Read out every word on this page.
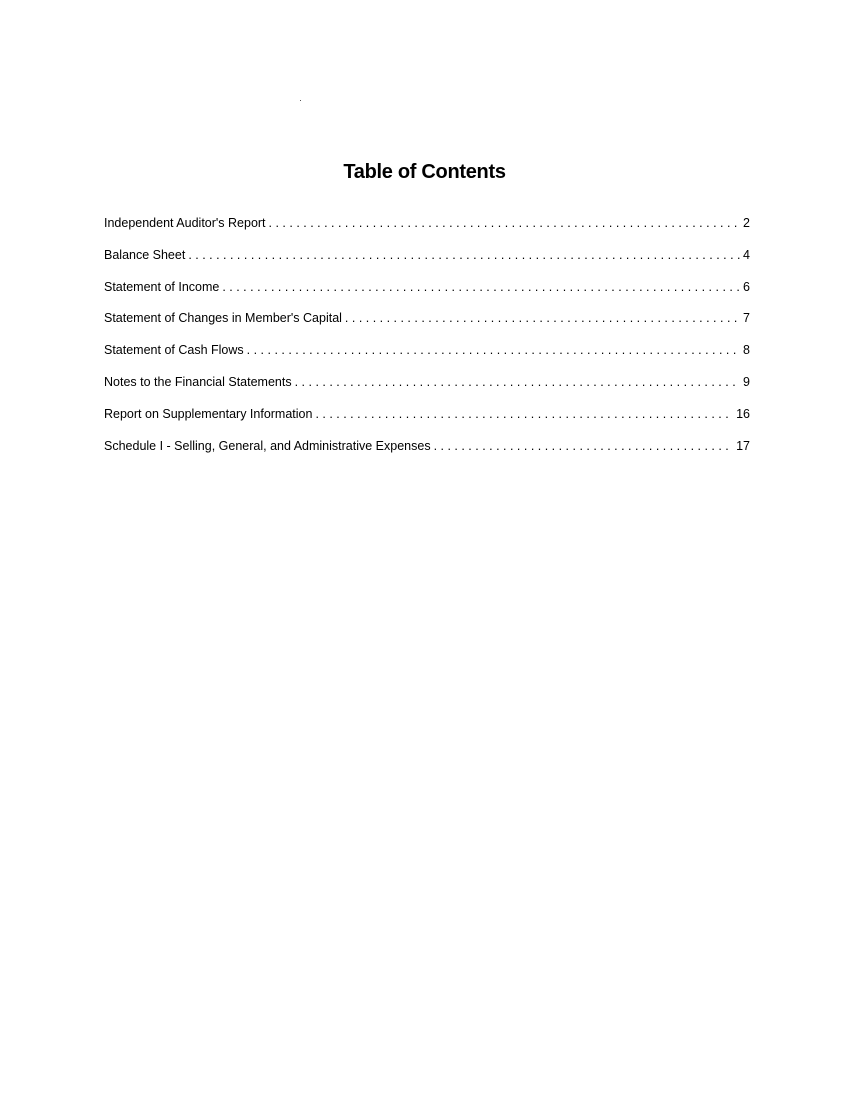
Table of Contents
Independent Auditor's Report . . .	2
Balance Sheet . . .	4
Statement of Income . . .	6
Statement of Changes in Member's Capital . . .	7
Statement of Cash Flows . . .	8
Notes to the Financial Statements . . .	9
Report on Supplementary Information . . .	16
Schedule I - Selling, General, and Administrative Expenses . . .	17
